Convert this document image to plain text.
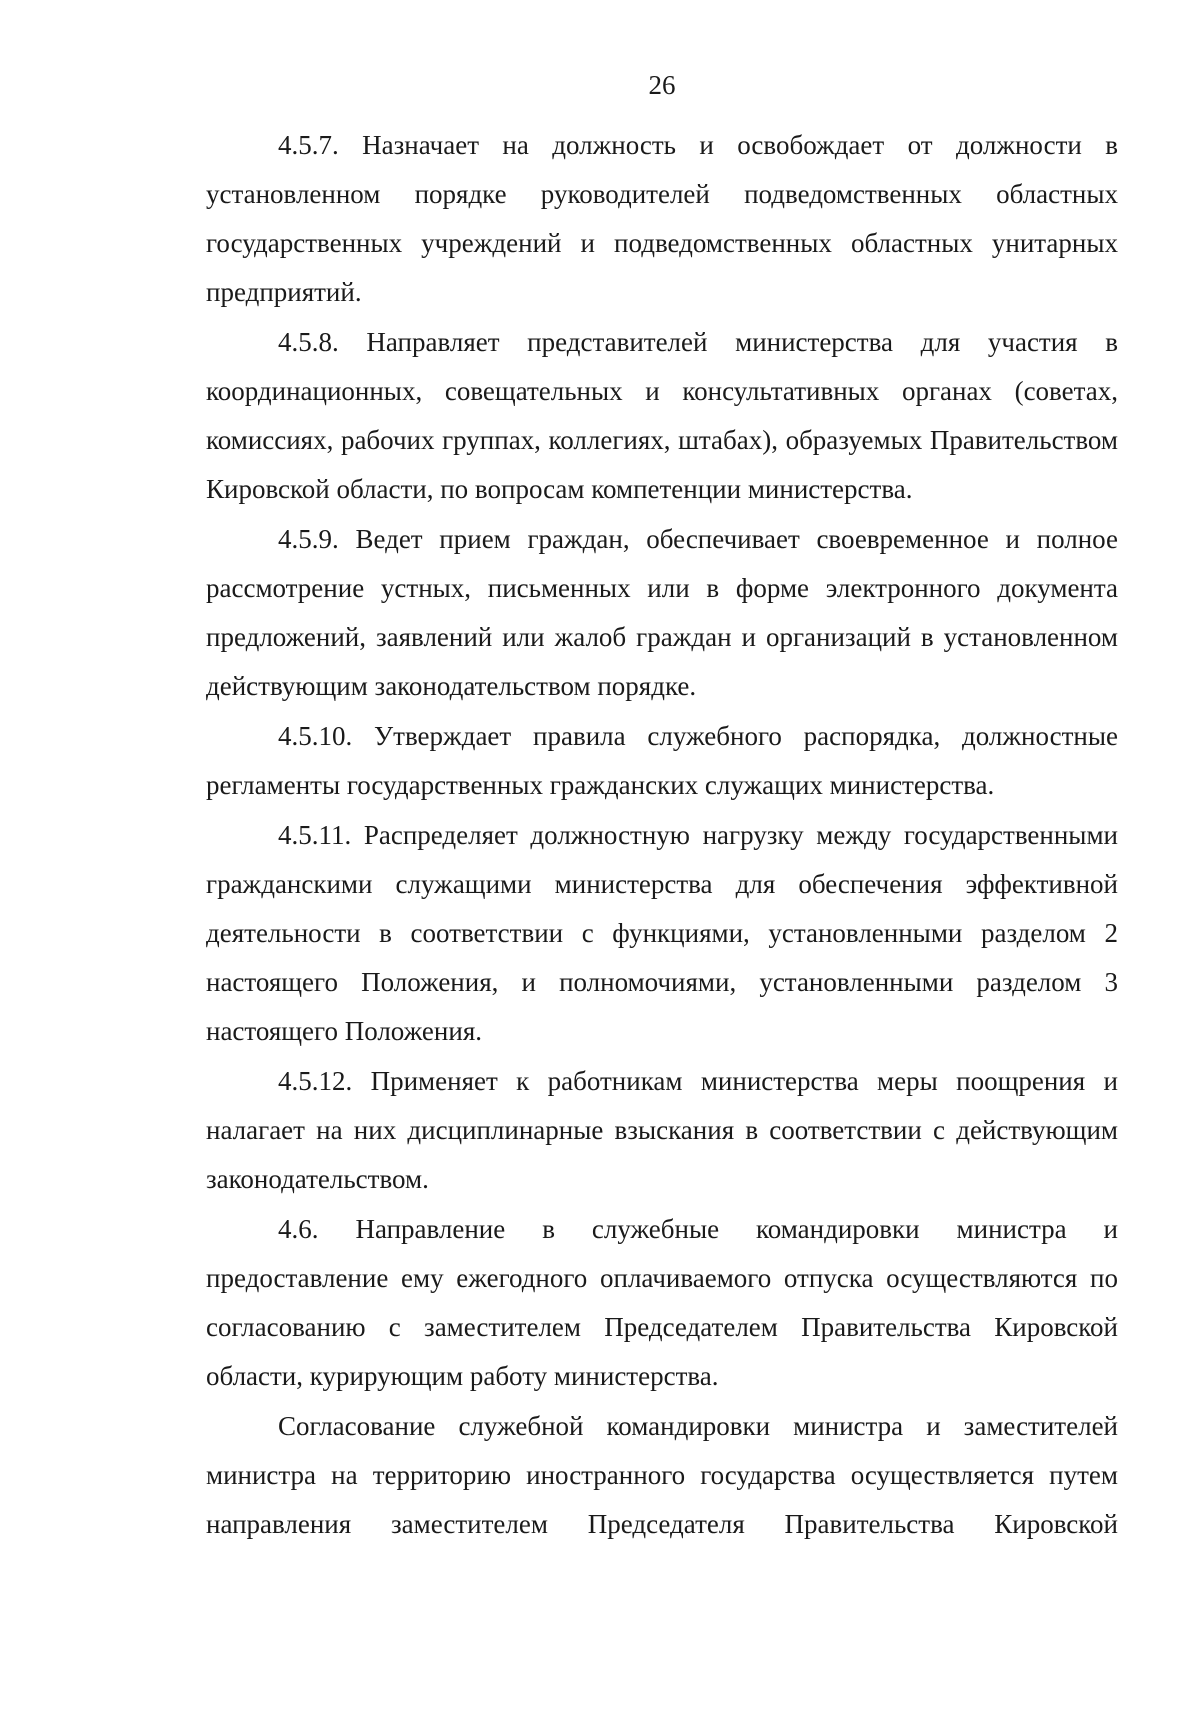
26

4.5.7. Назначает на должность и освобождает от должности в установленном порядке руководителей подведомственных областных государственных учреждений и подведомственных областных унитарных предприятий.

4.5.8. Направляет представителей министерства для участия в координационных, совещательных и консультативных органах (советах, комиссиях, рабочих группах, коллегиях, штабах), образуемых Правительством Кировской области, по вопросам компетенции министерства.

4.5.9. Ведет прием граждан, обеспечивает своевременное и полное рассмотрение устных, письменных или в форме электронного документа предложений, заявлений или жалоб граждан и организаций в установленном действующим законодательством порядке.

4.5.10. Утверждает правила служебного распорядка, должностные регламенты государственных гражданских служащих министерства.

4.5.11. Распределяет должностную нагрузку между государственными гражданскими служащими министерства для обеспечения эффективной деятельности в соответствии с функциями, установленными разделом 2 настоящего Положения, и полномочиями, установленными разделом 3 настоящего Положения.

4.5.12. Применяет к работникам министерства меры поощрения и налагает на них дисциплинарные взыскания в соответствии с действующим законодательством.

4.6. Направление в служебные командировки министра и предоставление ему ежегодного оплачиваемого отпуска осуществляются по согласованию с заместителем Председателем Правительства Кировской области, курирующим работу министерства.

Согласование служебной командировки министра и заместителей министра на территорию иностранного государства осуществляется путем направления заместителем Председателя Правительства Кировской
